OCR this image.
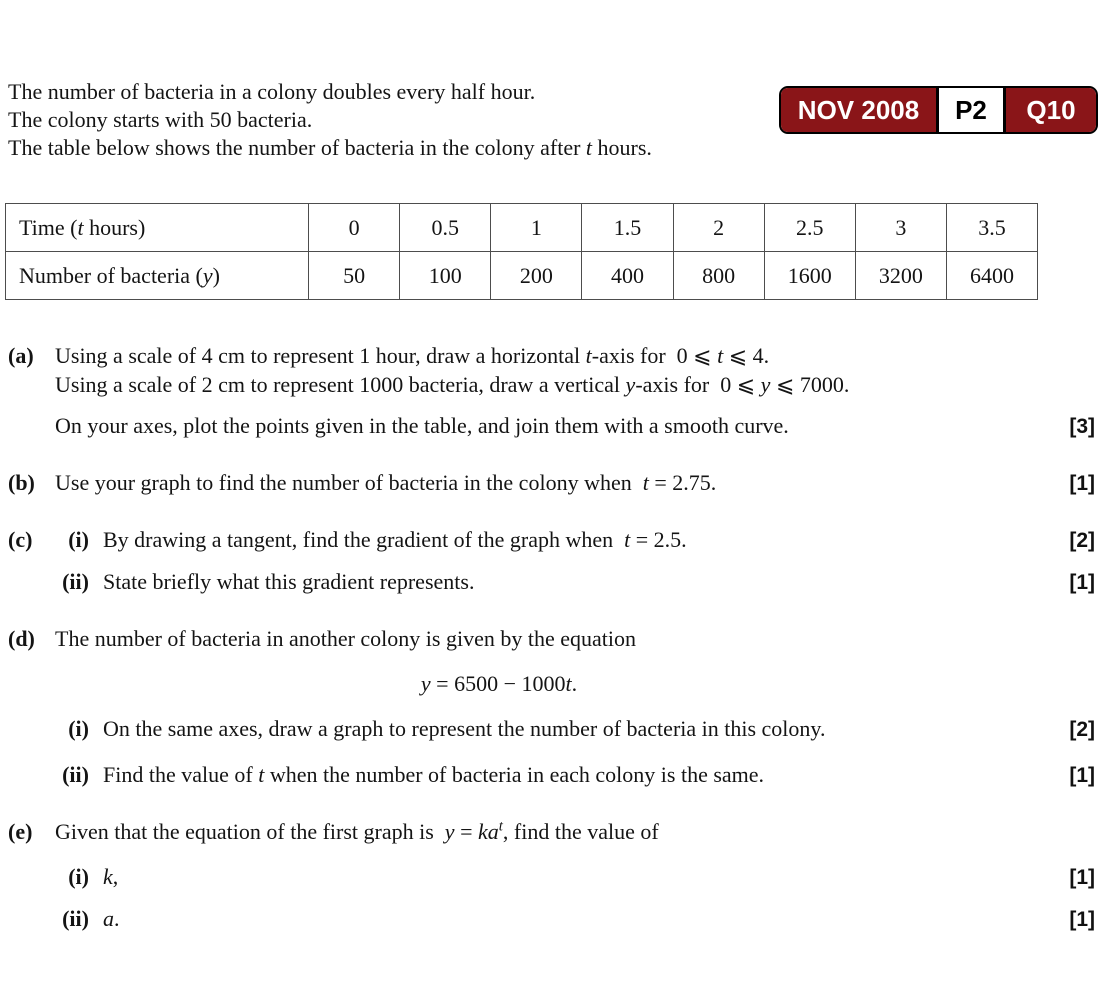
NOV 2008	P2	Q10
The number of bacteria in a colony doubles every half hour.
The colony starts with 50 bacteria.
The table below shows the number of bacteria in the colony after t hours.
Time (t hours)	0	0.5	1	1.5	2	2.5	3	3.5
Number of bacteria (y)	50	100	200	400	800	1600	3200	6400
(a) Using a scale of 4 cm to represent 1 hour, draw a horizontal t-axis for  0 ⩽ t ⩽ 4.
Using a scale of 2 cm to represent 1000 bacteria, draw a vertical y-axis for  0 ⩽ y ⩽ 7000.
On your axes, plot the points given in the table, and join them with a smooth curve.	[3]
(b) Use your graph to find the number of bacteria in the colony when  t = 2.75.	[1]
(c)	(i) By drawing a tangent, find the gradient of the graph when  t = 2.5.	[2]
(ii) State briefly what this gradient represents.	[1]
(d) The number of bacteria in another colony is given by the equation
y = 6500 − 1000t.
(i) On the same axes, draw a graph to represent the number of bacteria in this colony.	[2]
(ii) Find the value of t when the number of bacteria in each colony is the same.	[1]
(e)	Given that the equation of the first graph is  $y = ka^t$, find the value of
(i) k,	[1]
(ii) a.	[1]
